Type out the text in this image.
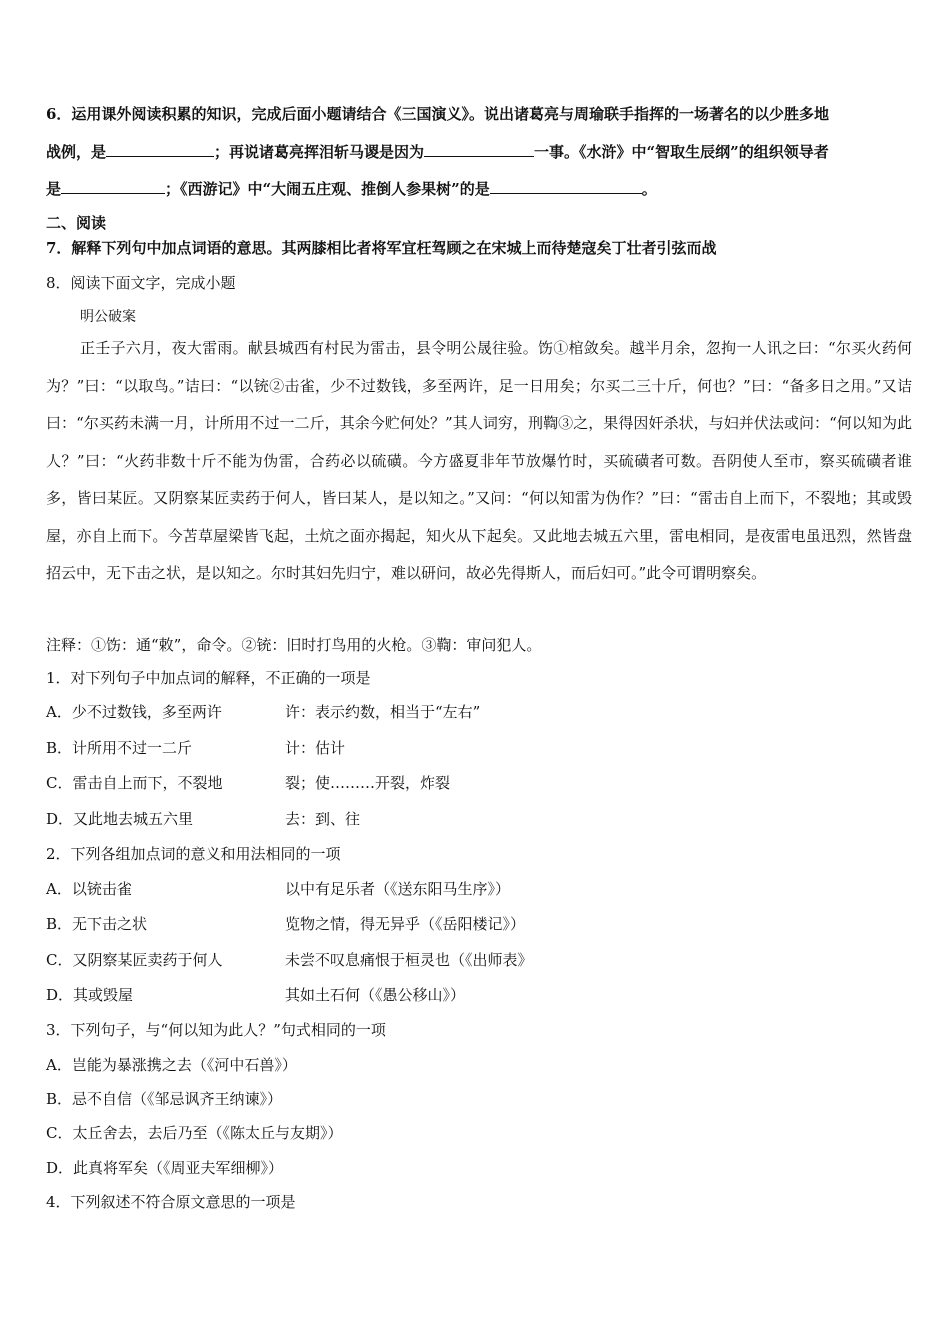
6．运用课外阅读积累的知识，完成后面小题请结合《三国演义》。说出诸葛亮与周瑜联手指挥的一场著名的以少胜多地
战例，是	；再说诸葛亮挥泪斩马谡是因为	一事。《水浒》中“智取生辰纲”的组织领导者
是	；《西游记》中“大闹五庄观、推倒人参果树”的是	。
二、阅读
7．解释下列句中加点词语的意思。其两膝相比者将军宜枉驾顾之在宋城上而待楚寇矣丁壮者引弦而战
8．阅读下面文字，完成小题
明公破案

正壬子六月，夜大雷雨。献县城西有村民为雷击，县令明公晟往验。饬①棺敛矣。越半月余，忽拘一人讯之曰：“尔买火药何为？”曰：“以取鸟。”诘曰：“以铳②击雀，少不过数钱，多至两许，足一日用矣；尔买二三十斤，何也？”曰：“备多日之用。”又诘曰：“尔买药未满一月，计所用不过一二斤，其余今贮何处？”其人词穷，刑鞫③之，果得因奸杀状，与妇并伏法或问：“何以知为此人？”曰：“火药非数十斤不能为伪雷，合药必以硫磺。今方盛夏非年节放爆竹时，买硫磺者可数。吾阴使人至市，察买硫磺者谁多，皆曰某匠。又阴察某匠卖药于何人，皆曰某人，是以知之。”又问：“何以知雷为伪作？”曰：“雷击自上而下，不裂地；其或毁屋，亦自上而下。今苫草屋梁皆飞起，土炕之面亦揭起，知火从下起矣。又此地去城五六里，雷电相同，是夜雷电虽迅烈，然皆盘招云中，无下击之状，是以知之。尔时其妇先归宁，难以研问，故必先得斯人，而后妇可。”此令可谓明察矣。

注释：①饬：通“敕”，命令。②铳：旧时打鸟用的火枪。③鞫：审问犯人。
1．对下列句子中加点词的解释，不正确的一项是
A．少不过数钱，多至两许	许：表示约数，相当于“左右”
B．计所用不过一二斤	计：估计
C．雷击自上而下，不裂地	裂；使………开裂，炸裂
D．又此地去城五六里	去：到、往
2．下列各组加点词的意义和用法相同的一项
A．以铳击雀	以中有足乐者（《送东阳马生序》）
B．无下击之状	览物之情，得无异乎（《岳阳楼记》）
C．又阴察某匠卖药于何人	未尝不叹息痛恨于桓灵也（《出师表》
D．其或毁屋	其如土石何（《愚公移山》）
3．下列句子，与“何以知为此人？”句式相同的一项
A．岂能为暴涨携之去（《河中石兽》）
B．忌不自信（《邹忌讽齐王纳谏》）
C．太丘舍去，去后乃至（《陈太丘与友期》）
D．此真将军矣（《周亚夫军细柳》）
4．下列叙述不符合原文意思的一项是
